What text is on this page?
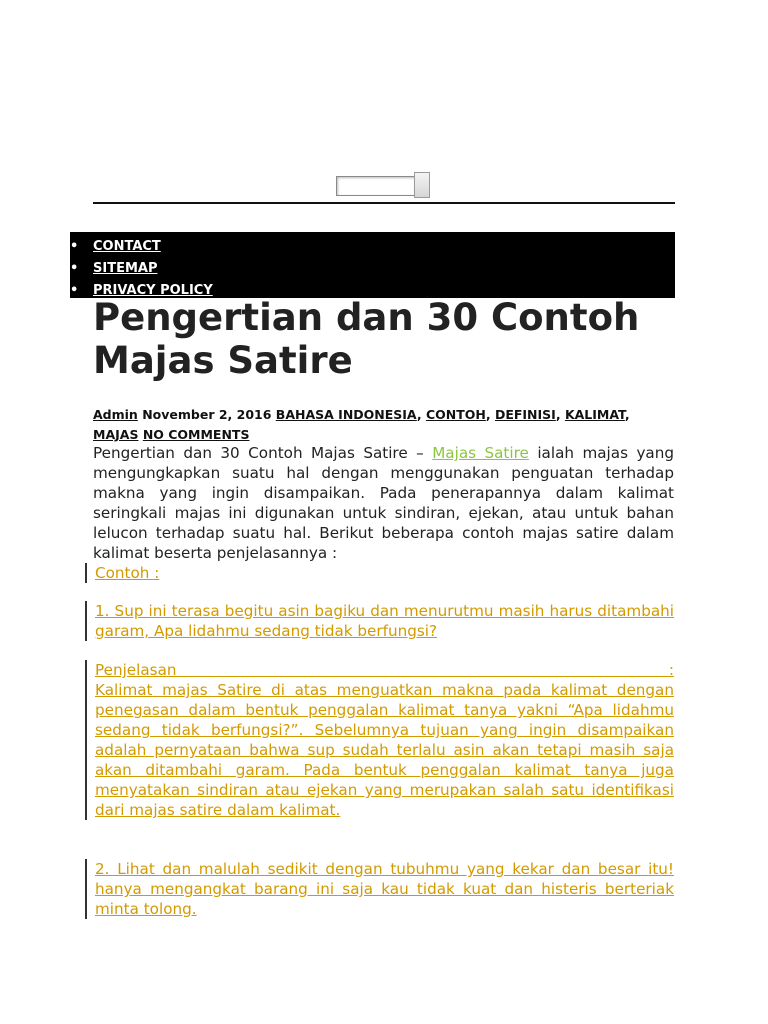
• CONTACT
• SITEMAP
• PRIVACY POLICY
Pengertian dan 30 Contoh Majas Satire
Admin November 2, 2016 BAHASA INDONESIA, CONTOH, DEFINISI, KALIMAT, MAJAS NO COMMENTS

Pengertian dan 30 Contoh Majas Satire – Majas Satire ialah majas yang mengungkapkan suatu hal dengan menggunakan penguatan terhadap makna yang ingin disampaikan. Pada penerapannya dalam kalimat seringkali majas ini digunakan untuk sindiran, ejekan, atau untuk bahan lelucon terhadap suatu hal. Berikut beberapa contoh majas satire dalam kalimat beserta penjelasannya :

Contoh :

1. Sup ini terasa begitu asin bagiku dan menurutmu masih harus ditambahi garam, Apa lidahmu sedang tidak berfungsi?

Penjelasan :

Kalimat majas Satire di atas menguatkan makna pada kalimat dengan penegasan dalam bentuk penggalan kalimat tanya yakni “Apa lidahmu sedang tidak berfungsi?”. Sebelumnya tujuan yang ingin disampaikan adalah pernyataan bahwa sup sudah terlalu asin akan tetapi masih saja akan ditambahi garam. Pada bentuk penggalan kalimat tanya juga menyatakan sindiran atau ejekan yang merupakan salah satu identifikasi dari majas satire dalam kalimat.

2. Lihat dan malulah sedikit dengan tubuhmu yang kekar dan besar itu! hanya mengangkat barang ini saja kau tidak kuat dan histeris berteriak minta tolong.
